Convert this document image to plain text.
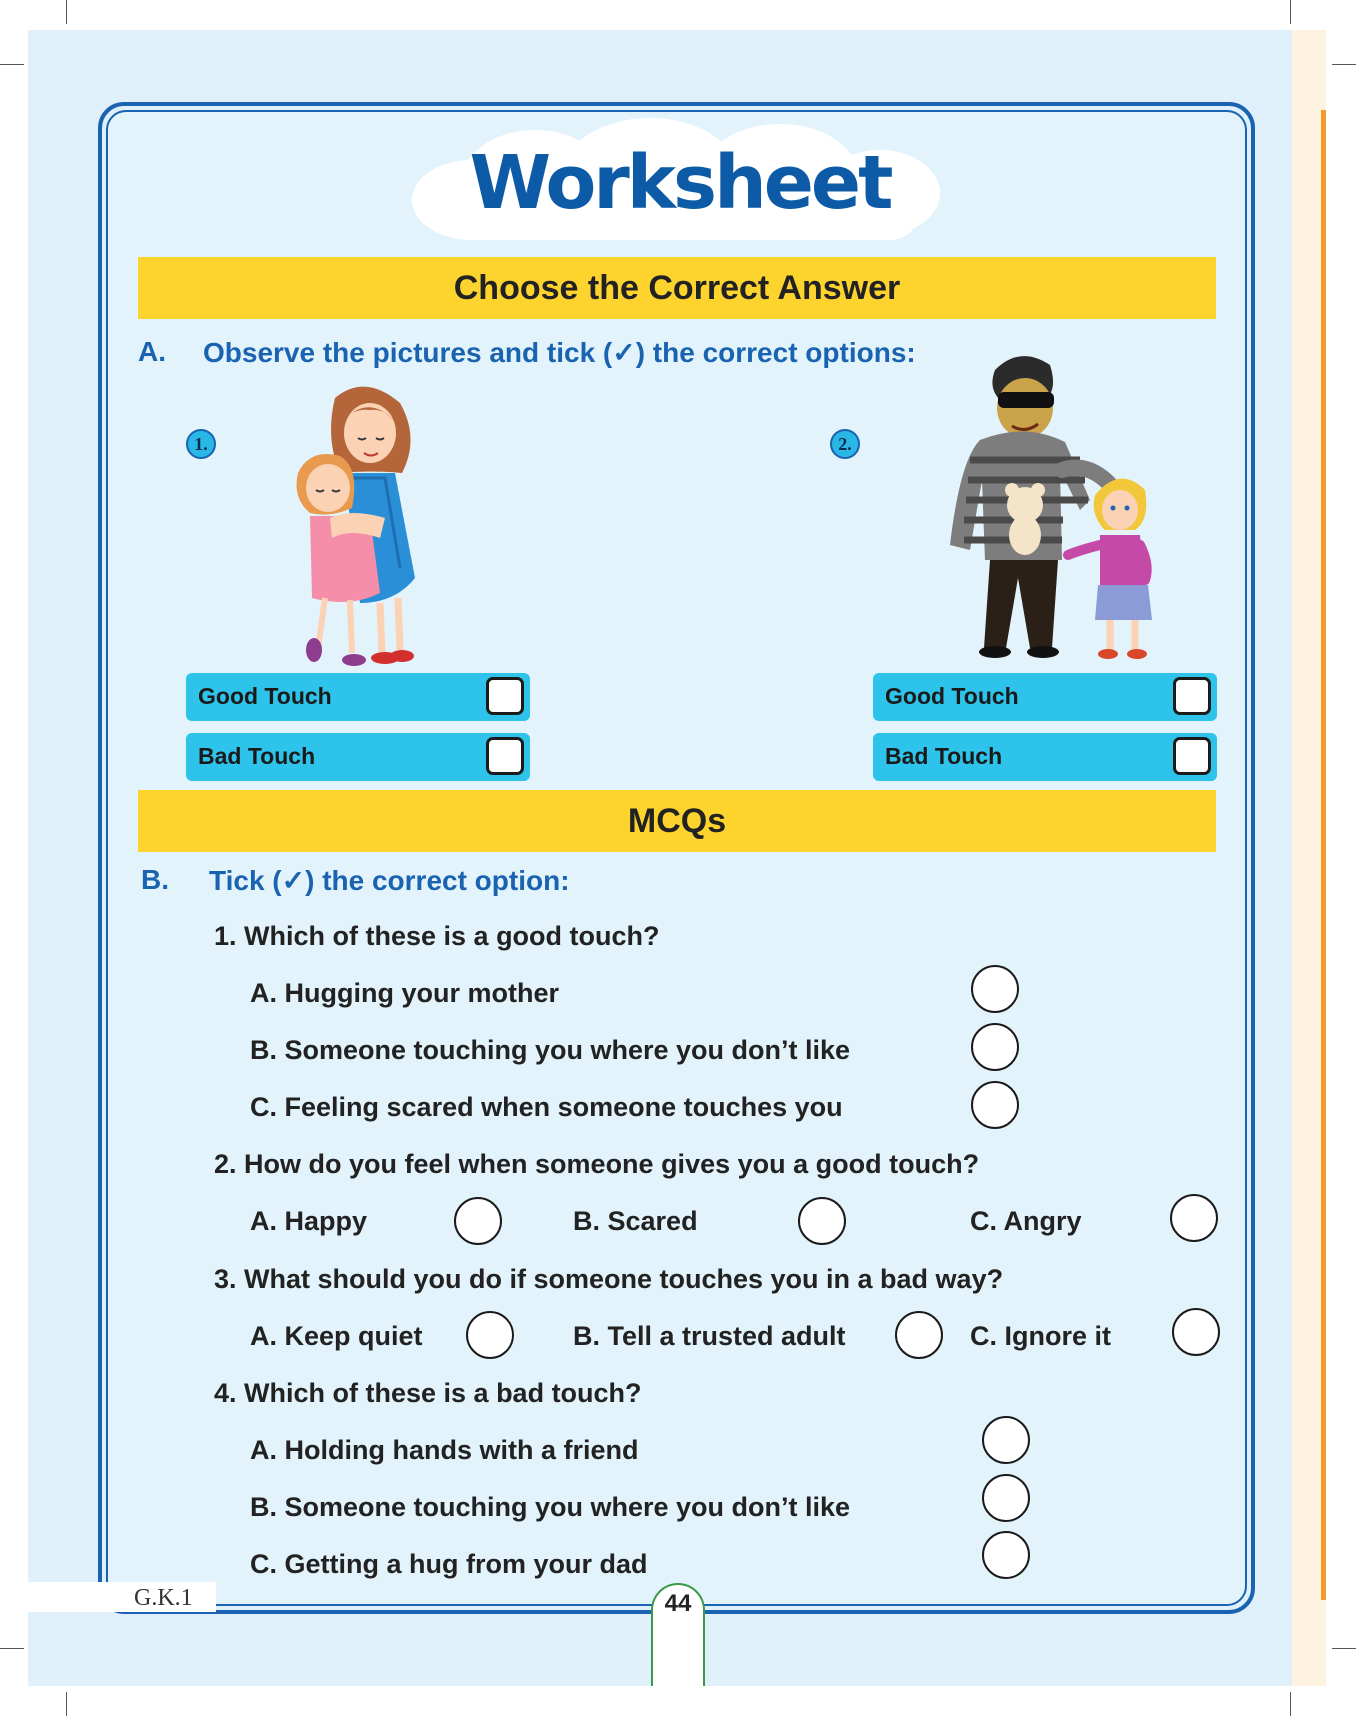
Worksheet
Choose the Correct Answer
A. Observe the pictures and tick (✓) the correct options:
1.	2.
Good Touch
Bad Touch
Good Touch
Bad Touch
MCQs
B. Tick (✓) the correct option:
1. Which of these is a good touch?
A. Hugging your mother
B. Someone touching you where you don’t like
C. Feeling scared when someone touches you
2. How do you feel when someone gives you a good touch?
A. Happy	B. Scared	C. Angry
3. What should you do if someone touches you in a bad way?
A. Keep quiet	B. Tell a trusted adult	C. Ignore it
4. Which of these is a bad touch?
A. Holding hands with a friend
B. Someone touching you where you don’t like
C. Getting a hug from your dad
G.K.1	44
